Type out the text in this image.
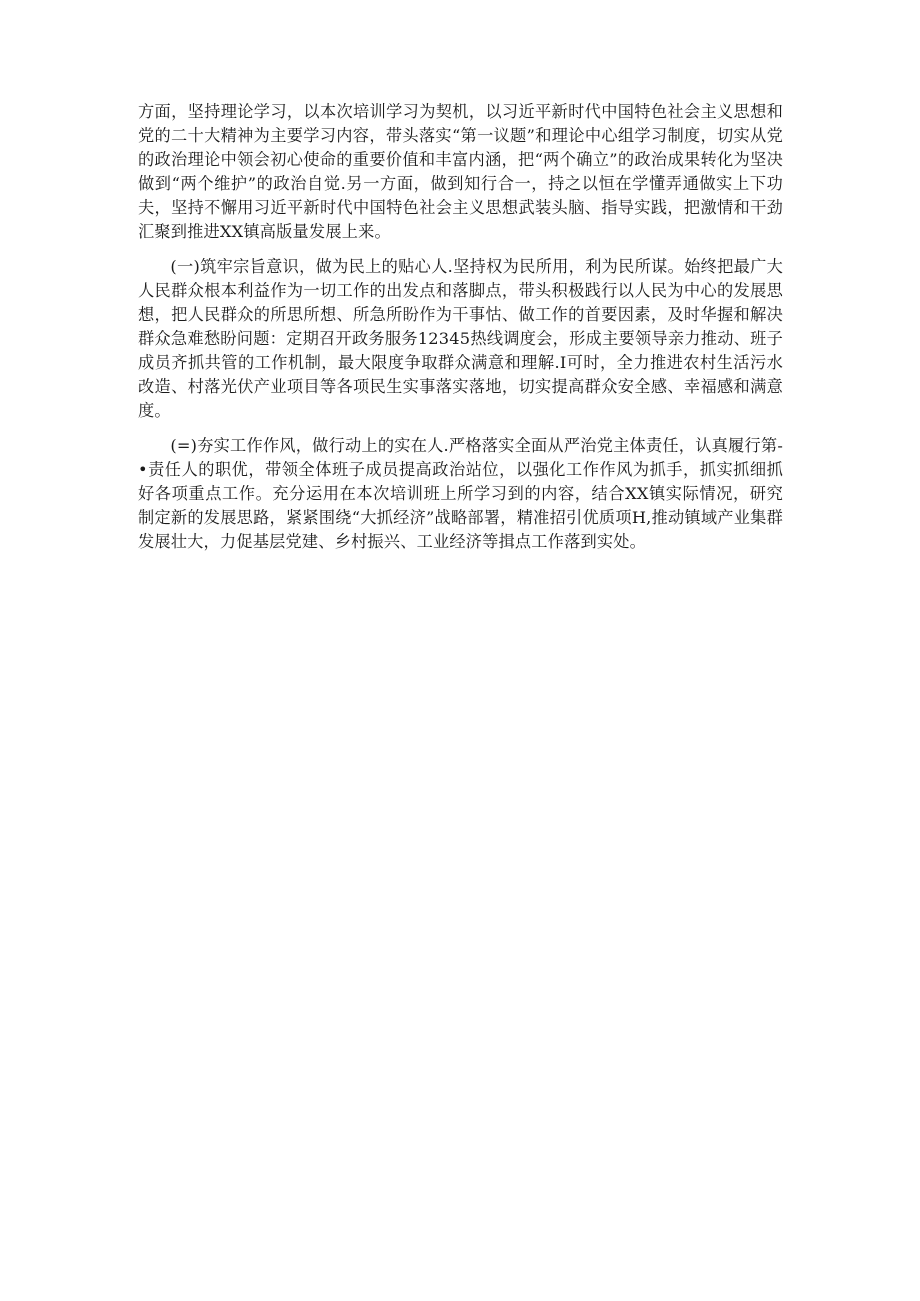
方面，坚持理论学习，以本次培训学习为契机，以习近平新时代中国特色社会主义思想和党的二十大精神为主要学习内容，带头落实“第一议题”和理论中心组学习制度，切实从党的政治理论中领会初心使命的重要价值和丰富内涵，把“两个确立”的政治成果转化为坚决做到“两个维护”的政治自觉.另一方面，做到知行合一，持之以恒在学懂弄通做实上下功夫，坚持不懈用习近平新时代中国特色社会主义思想武装头脑、指导实践，把激情和干劲汇聚到推进XX镇高版量发展上来。

(一)筑牢宗旨意识，做为民上的贴心人.坚持权为民所用，利为民所谋。始终把最广大人民群众根本利益作为一切工作的出发点和落脚点，带头积极践行以人民为中心的发展思想，把人民群众的所思所想、所急所盼作为干事怙、做工作的首要因素，及时华握和解决群众急难愁盼问题：定期召开政务服务12345热线调度会，形成主要领导亲力推动、班子成员齐抓共管的工作机制，最大限度争取群众满意和理解.I可时，全力推进农村生活污水改造、村落光伏产业项目等各项民生实事落实落地，切实提高群众安全感、幸福感和满意度。

(=)夯实工作作风，做行动上的实在人.严格落实全面从严治党主体责任，认真履行第-•责任人的职优，带领全体班子成员提高政治站位，以强化工作作风为抓手，抓实抓细抓好各项重点工作。充分运用在本次培训班上所学习到的内容，结合XX镇实际情况，研究制定新的发展思路，紧紧围绕“大抓经济”战略部署，精准招引优质项H,推动镇域产业集群发展壮大，力促基层党建、乡村振兴、工业经济等揖点工作落到实处。
